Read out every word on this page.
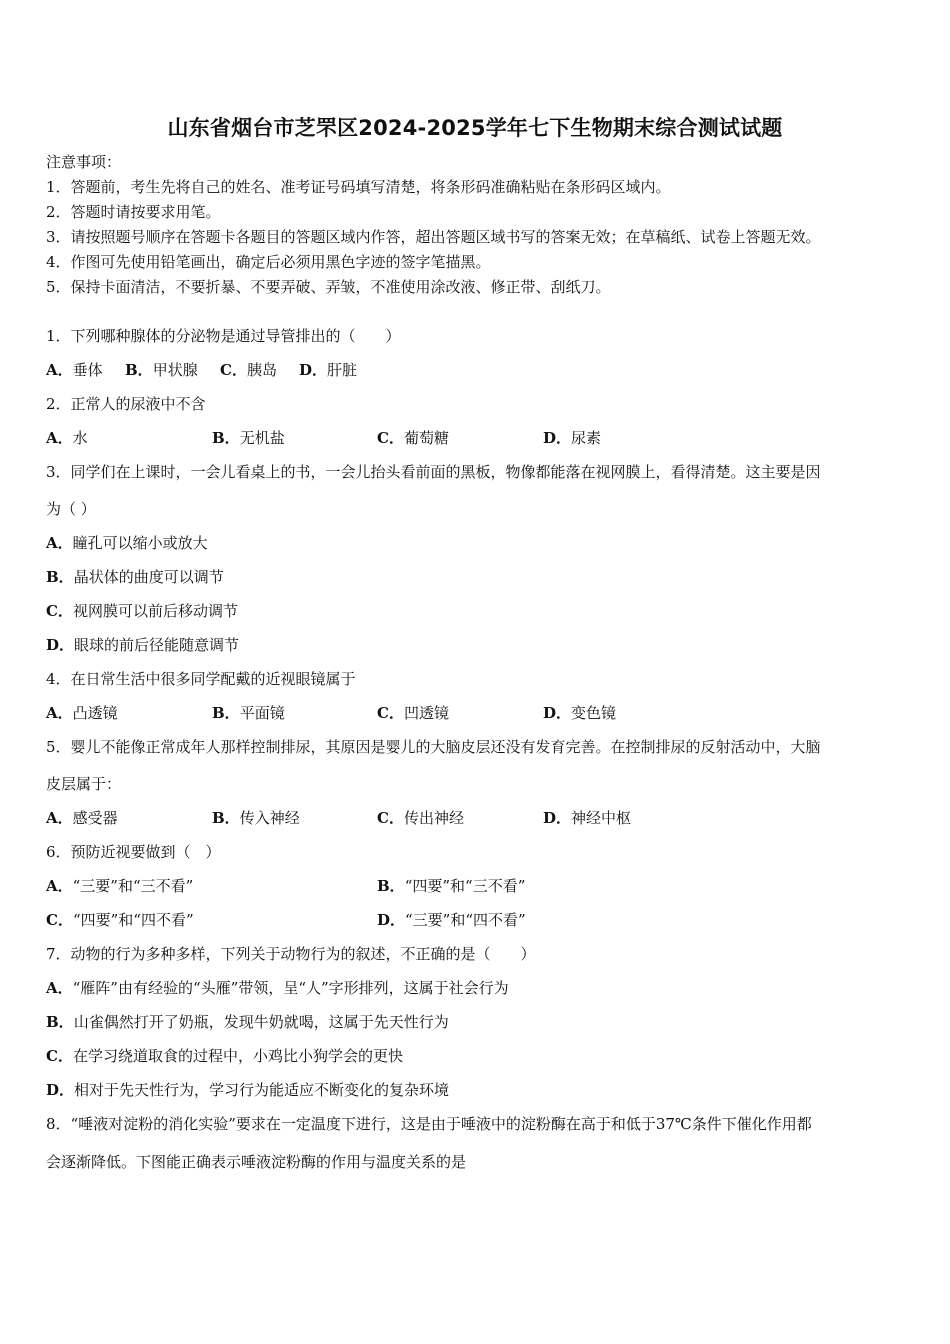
山东省烟台市芝罘区2024-2025学年七下生物期末综合测试试题
注意事项：
1．答题前，考生先将自己的姓名、准考证号码填写清楚，将条形码准确粘贴在条形码区域内。
2．答题时请按要求用笔。
3．请按照题号顺序在答题卡各题目的答题区域内作答，超出答题区域书写的答案无效；在草稿纸、试卷上答题无效。
4．作图可先使用铅笔画出，确定后必须用黑色字迹的签字笔描黑。
5．保持卡面清洁，不要折暴、不要弄破、弄皱，不准使用涂改液、修正带、刮纸刀。
1．下列哪种腺体的分泌物是通过导管排出的（　　）
A．垂体 B．甲状腺 C．胰岛 D．肝脏
2．正常人的尿液中不含
A．水	B．无机盐	C．葡萄糖	D．尿素
3．同学们在上课时，一会儿看桌上的书，一会儿抬头看前面的黑板，物像都能落在视网膜上，看得清楚。这主要是因
为（ ）
A．瞳孔可以缩小或放大
B．晶状体的曲度可以调节
C．视网膜可以前后移动调节
D．眼球的前后径能随意调节
4．在日常生活中很多同学配戴的近视眼镜属于
A．凸透镜	B．平面镜	C．凹透镜	D．变色镜
5．婴儿不能像正常成年人那样控制排尿，其原因是婴儿的大脑皮层还没有发育完善。在控制排尿的反射活动中，大脑
皮层属于：
A．感受器	B．传入神经	C．传出神经	D．神经中枢
6．预防近视要做到（　）
A．“三要”和“三不看”	B．“四要”和“三不看”
C．“四要”和“四不看”	D．“三要”和“四不看”
7．动物的行为多种多样，下列关于动物行为的叙述，不正确的是（　　）
A．“雁阵”由有经验的“头雁”带领，呈“人”字形排列，这属于社会行为
B．山雀偶然打开了奶瓶，发现牛奶就喝，这属于先天性行为
C．在学习绕道取食的过程中，小鸡比小狗学会的更快
D．相对于先天性行为，学习行为能适应不断变化的复杂环境
8．“唾液对淀粉的消化实验”要求在一定温度下进行，这是由于唾液中的淀粉酶在高于和低于37℃条件下催化作用都
会逐渐降低。下图能正确表示唾液淀粉酶的作用与温度关系的是
